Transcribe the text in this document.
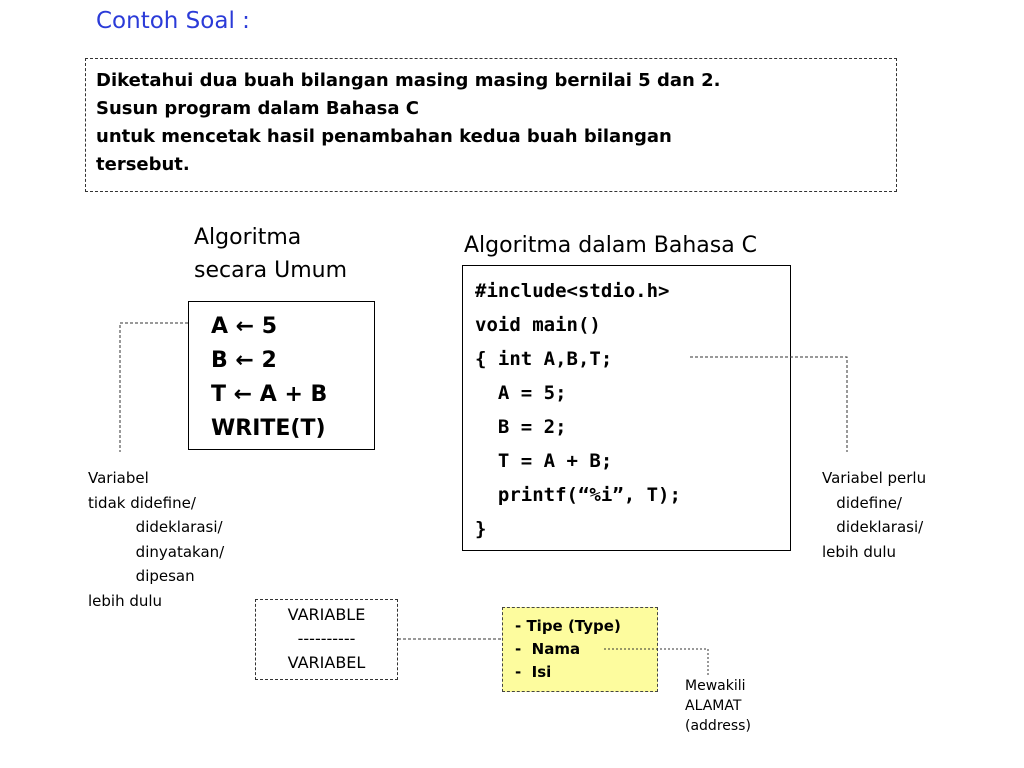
Contoh Soal :
Diketahui dua buah bilangan masing masing bernilai 5 dan 2.
Susun program dalam Bahasa C
untuk mencetak hasil penambahan kedua buah bilangan
tersebut.
Algoritma
secara Umum
Algoritma dalam Bahasa C
A ← 5
B ← 2
T ← A + B
WRITE(T)
#include<stdio.h>
void main()
{ int A,B,T;
A = 5;
B = 2;
T = A + B;
printf(“%i”, T);
}
Variabel
tidak didefine/
dideklarasi/
dinyatakan/
dipesan
lebih dulu
Variabel perlu
didefine/
dideklarasi/
lebih dulu
VARIABLE
----------
VARIABEL
- Tipe (Type)
-  Nama
-  Isi
Mewakili
ALAMAT
(address)
